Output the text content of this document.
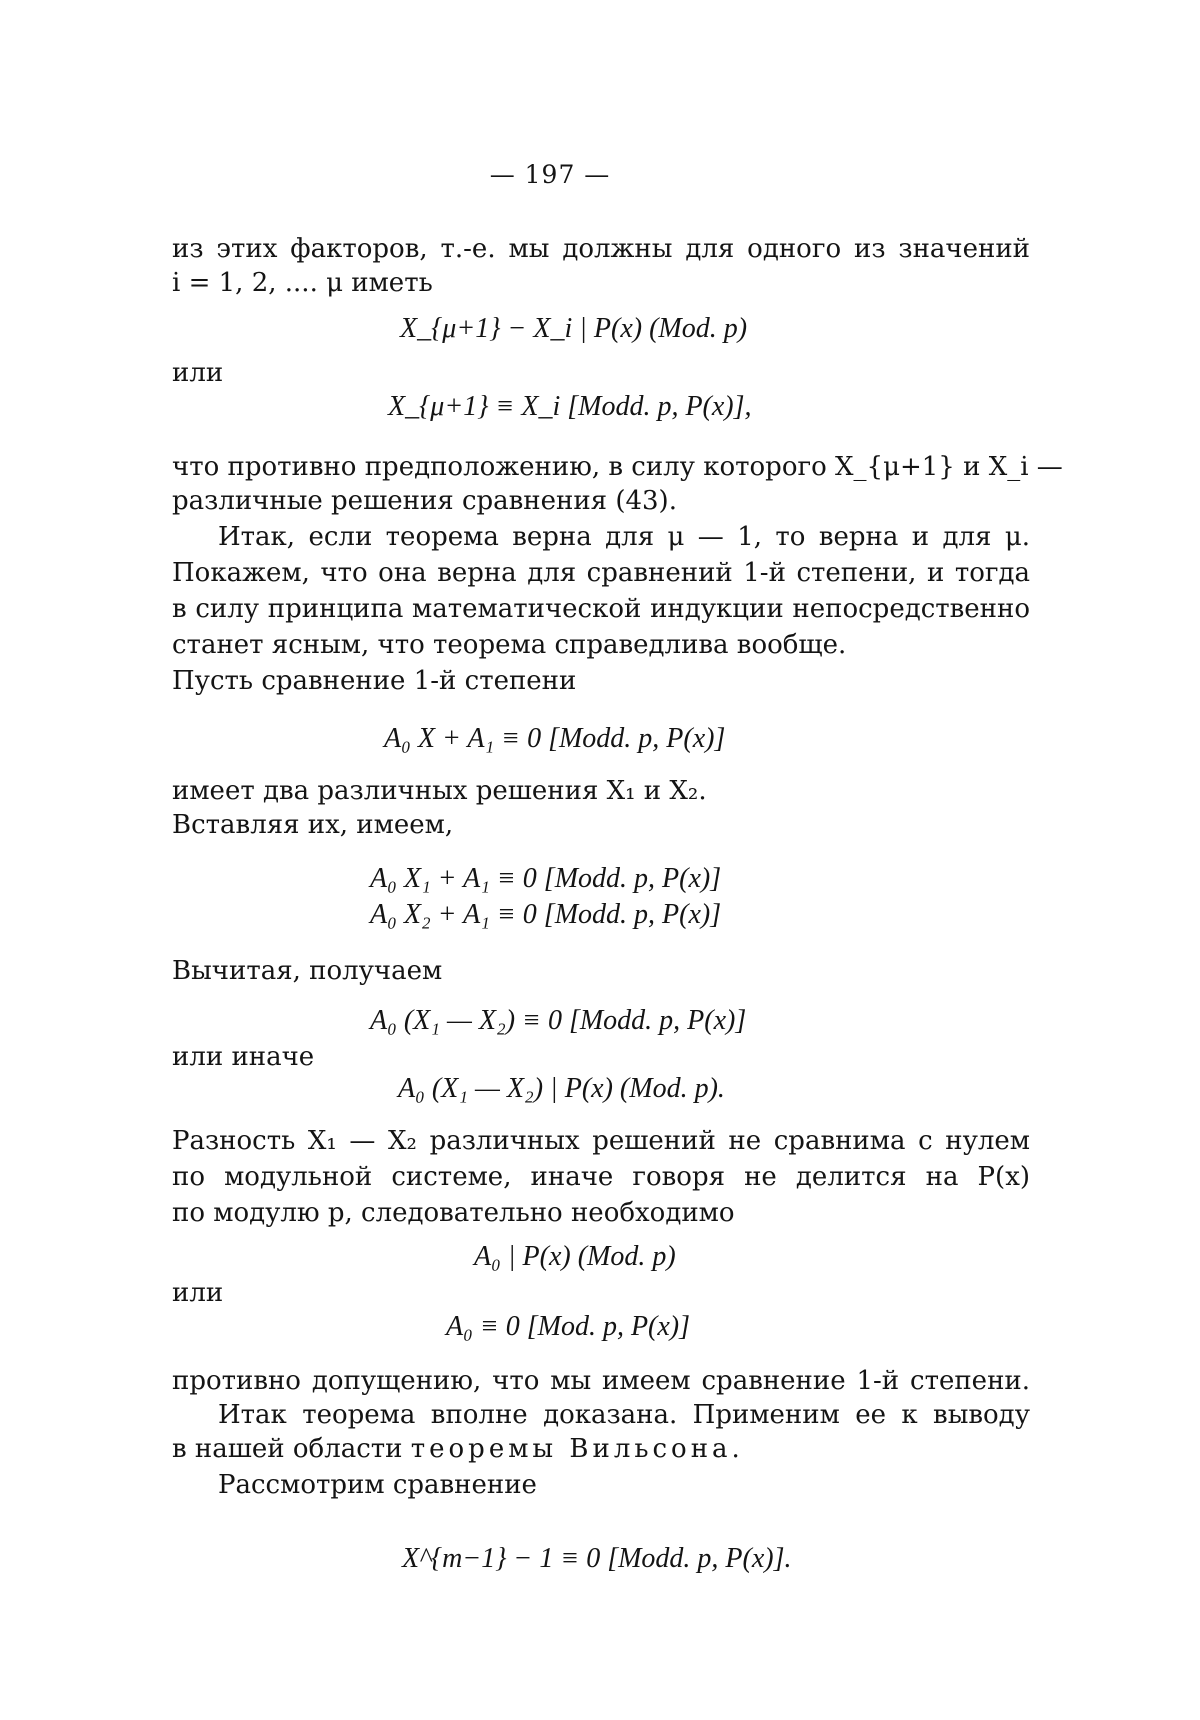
— 197 —
из этих факторов, т.-е. мы должны для одного из значений
i = 1, 2, .... μ иметь
X_{μ+1} − X_i | P(x) (Mod. p)
или
X_{μ+1} ≡ X_i [Modd. p, P(x)],
что противно предположению, в силу которого X_{μ+1} и X_i —
различные решения сравнения (43).
Итак, если теорема верна для μ — 1, то верна и для μ.
Покажем, что она верна для сравнений 1-й степени, и тогда
в силу принципа математической индукции непосредственно
станет ясным, что теорема справедлива вообще.
Пусть сравнение 1-й степени
A₀ X + A₁ ≡ 0 [Modd. p, P(x)]
имеет два различных решения X₁ и X₂.
Вставляя их, имеем,
A₀ X₁ + A₁ ≡ 0 [Modd. p, P(x)]
A₀ X₂ + A₁ ≡ 0 [Modd. p, P(x)]
Вычитая, получаем
A₀ (X₁ — X₂) ≡ 0 [Modd. p, P(x)]
или иначе
A₀ (X₁ — X₂) | P(x) (Mod. p).
Разность X₁ — X₂ различных решений не сравнима с нулем
по модульной системе, иначе говоря не делится на P(x)
по модулю p, следовательно необходимо
A₀ | P(x) (Mod. p)
или
A₀ ≡ 0 [Mod. p, P(x)]
противно допущению, что мы имеем сравнение 1-й степени.
Итак теорема вполне доказана. Применим ее к выводу
в нашей области теоремы Вильсона.
Рассмотрим сравнение
X^{m−1} − 1 ≡ 0 [Modd. p, P(x)].
